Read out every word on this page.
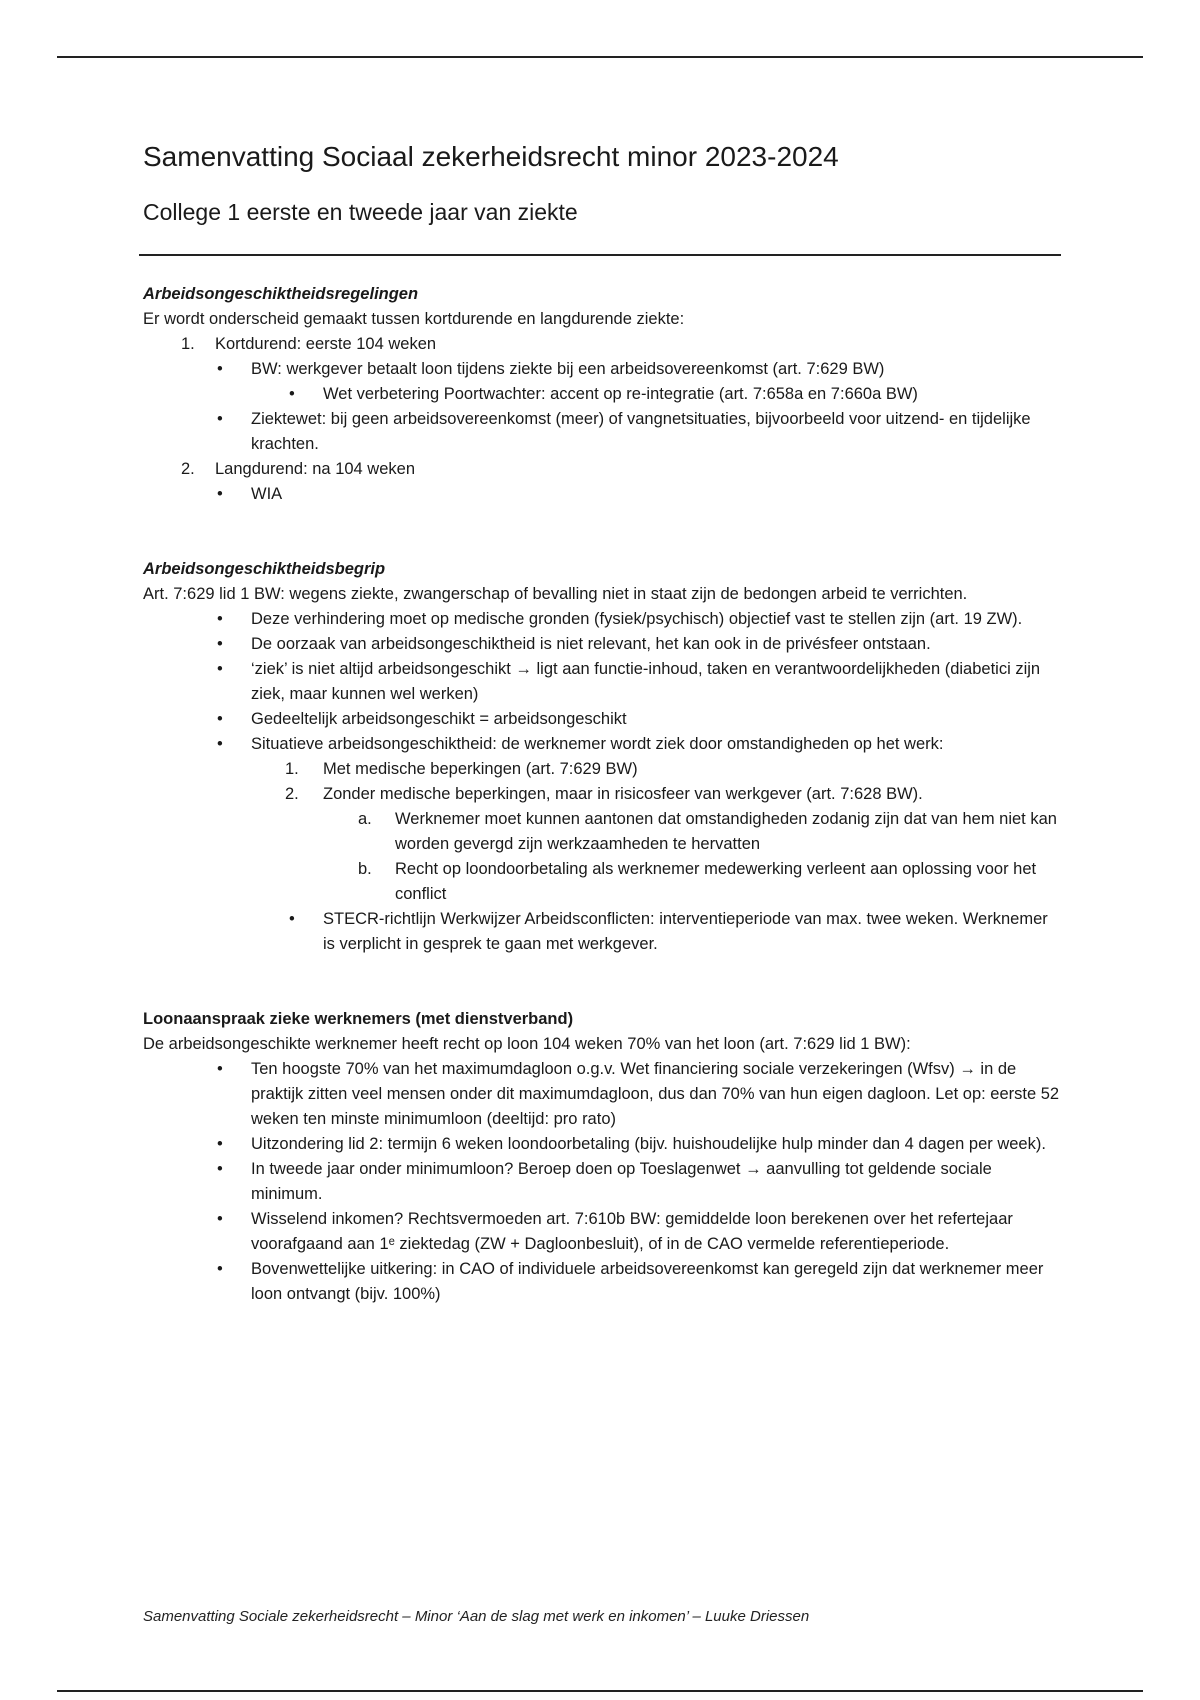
Samenvatting Sociaal zekerheidsrecht minor 2023-2024
College 1 eerste en tweede jaar van ziekte

Arbeidsongeschiktheidsregelingen

Er wordt onderscheid gemaakt tussen kortdurende en langdurende ziekte:

1. Kortdurend: eerste 104 weken
• BW: werkgever betaalt loon tijdens ziekte bij een arbeidsovereenkomst (art. 7:629 BW)
• Wet verbetering Poortwachter: accent op re-integratie (art. 7:658a en 7:660a BW)
• Ziektewet: bij geen arbeidsovereenkomst (meer) of vangnetsituaties, bijvoorbeeld voor uitzend- en tijdelijke krachten.
2. Langdurend: na 104 weken
• WIA

Arbeidsongeschiktheidsbegrip

Art. 7:629 lid 1 BW: wegens ziekte, zwangerschap of bevalling niet in staat zijn de bedongen arbeid te verrichten.

• Deze verhindering moet op medische gronden (fysiek/psychisch) objectief vast te stellen zijn (art. 19 ZW).
• De oorzaak van arbeidsongeschiktheid is niet relevant, het kan ook in de privésfeer ontstaan.
• ‘ziek’ is niet altijd arbeidsongeschikt → ligt aan functie-inhoud, taken en verantwoordelijkheden (diabetici zijn ziek, maar kunnen wel werken)
• Gedeeltelijk arbeidsongeschikt = arbeidsongeschikt
• Situatieve arbeidsongeschiktheid: de werknemer wordt ziek door omstandigheden op het werk:
1. Met medische beperkingen (art. 7:629 BW)
2. Zonder medische beperkingen, maar in risicosfeer van werkgever (art. 7:628 BW).
a. Werknemer moet kunnen aantonen dat omstandigheden zodanig zijn dat van hem niet kan worden gevergd zijn werkzaamheden te hervatten
b. Recht op loondoorbetaling als werknemer medewerking verleent aan oplossing voor het conflict
• STECR-richtlijn Werkwijzer Arbeidsconflicten: interventieperiode van max. twee weken. Werknemer is verplicht in gesprek te gaan met werkgever.

Loonaanspraak zieke werknemers (met dienstverband)

De arbeidsongeschikte werknemer heeft recht op loon 104 weken 70% van het loon (art. 7:629 lid 1 BW):

• Ten hoogste 70% van het maximumdagloon o.g.v. Wet financiering sociale verzekeringen (Wfsv) → in de praktijk zitten veel mensen onder dit maximumdagloon, dus dan 70% van hun eigen dagloon. Let op: eerste 52 weken ten minste minimumloon (deeltijd: pro rato)
• Uitzondering lid 2: termijn 6 weken loondoorbetaling (bijv. huishoudelijke hulp minder dan 4 dagen per week).
• In tweede jaar onder minimumloon? Beroep doen op Toeslagenwet → aanvulling tot geldende sociale minimum.
• Wisselend inkomen? Rechtsvermoeden art. 7:610b BW: gemiddelde loon berekenen over het refertejaar voorafgaand aan 1ᵉ ziektedag (ZW + Dagloonbesluit), of in de CAO vermelde referentieperiode.
• Bovenwettelijke uitkering: in CAO of individuele arbeidsovereenkomst kan geregeld zijn dat werknemer meer loon ontvangt (bijv. 100%)
Samenvatting Sociale zekerheidsrecht – Minor ‘Aan de slag met werk en inkomen’ – Luuke Driessen
